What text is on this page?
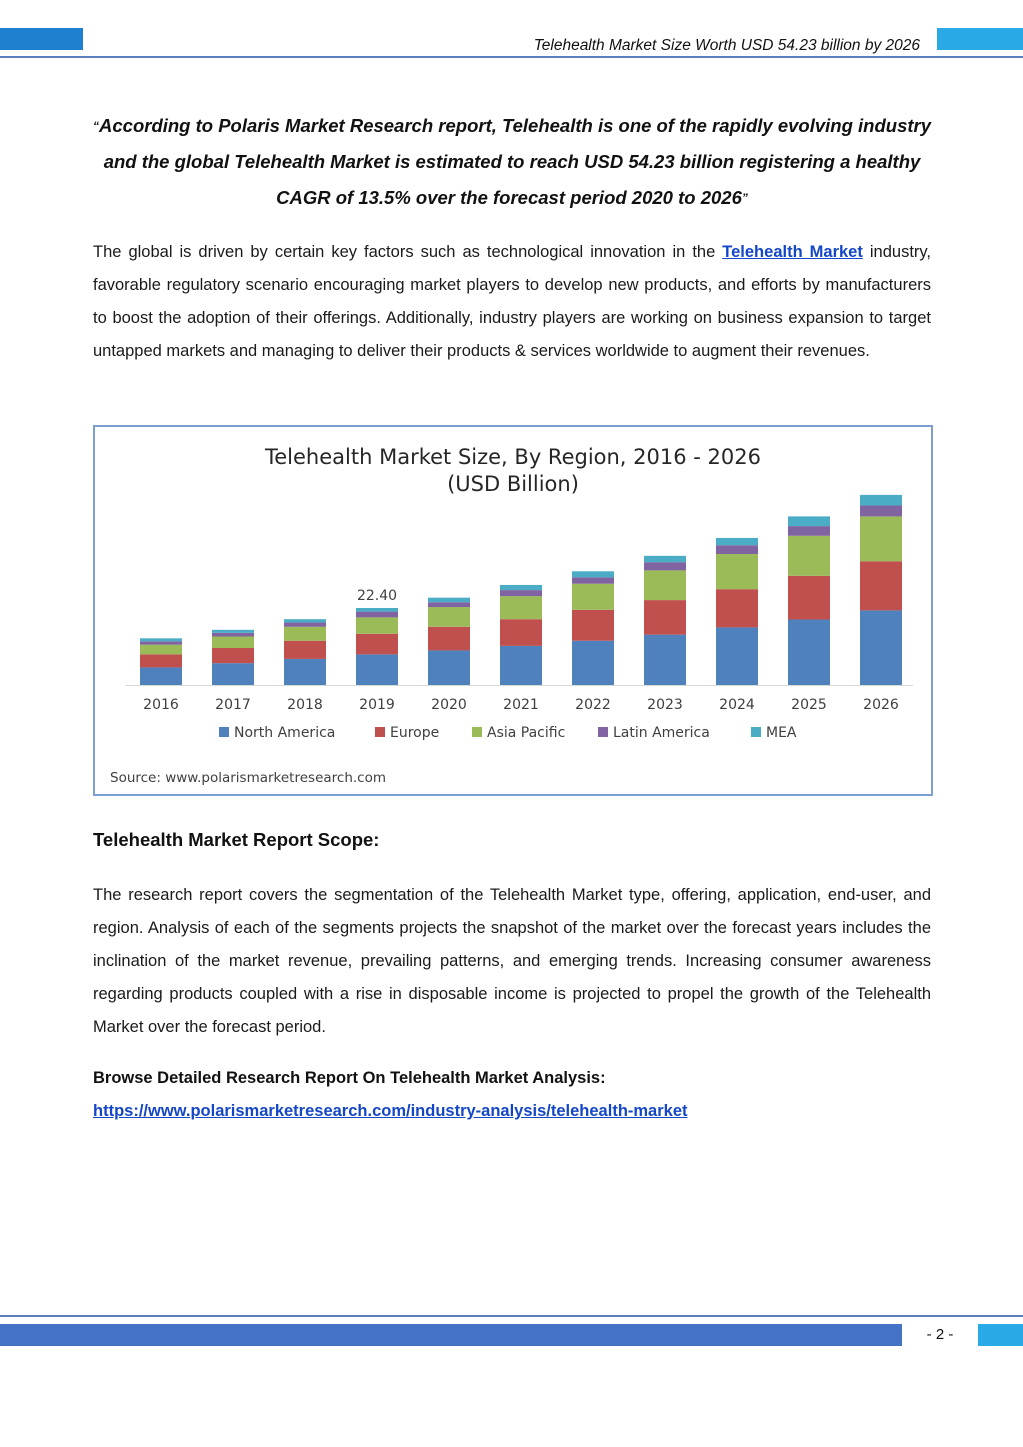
Telehealth Market Size Worth USD 54.23 billion by 2026
“According to Polaris Market Research report, Telehealth is one of the rapidly evolving industry and the global Telehealth Market is estimated to reach USD 54.23 billion registering a healthy CAGR of 13.5% over the forecast period 2020 to 2026”
The global is driven by certain key factors such as technological innovation in the Telehealth Market industry, favorable regulatory scenario encouraging market players to develop new products, and efforts by manufacturers to boost the adoption of their offerings. Additionally, industry players are working on business expansion to target untapped markets and managing to deliver their products & services worldwide to augment their revenues.
Telehealth Market Size, By Region, 2016 - 2026
(USD Billion)
2016	2017	2018	2019	2020	2021	2022	2023	2024	2025	2026
22.40
North America	Europe	Asia Pacific	Latin America	MEA
Source: www.polarismarketresearch.com
Telehealth Market Report Scope:
The research report covers the segmentation of the Telehealth Market type, offering, application, end-user, and region. Analysis of each of the segments projects the snapshot of the market over the forecast years includes the inclination of the market revenue, prevailing patterns, and emerging trends. Increasing consumer awareness regarding products coupled with a rise in disposable income is projected to propel the growth of the Telehealth Market over the forecast period.
Browse Detailed Research Report On Telehealth Market Analysis:
https://www.polarismarketresearch.com/industry-analysis/telehealth-market
- 2 -
